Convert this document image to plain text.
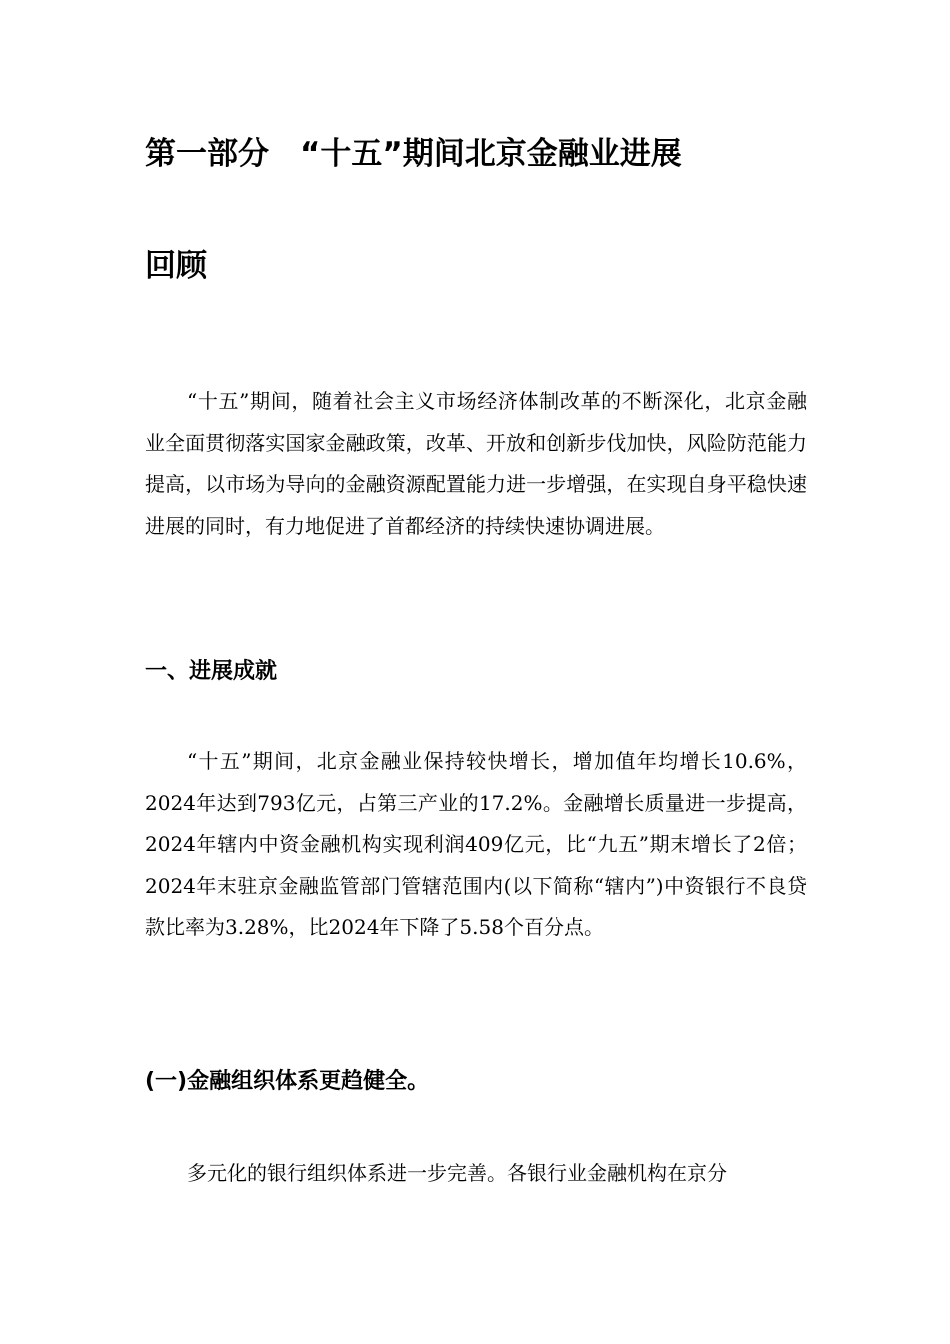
第一部分　“十五”期间北京金融业进展
回顾

“十五”期间，随着社会主义市场经济体制改革的不断深化，北京金融业全面贯彻落实国家金融政策，改革、开放和创新步伐加快，风险防范能力提高，以市场为导向的金融资源配置能力进一步增强，在实现自身平稳快速进展的同时，有力地促进了首都经济的持续快速协调进展。

一、进展成就

“十五”期间，北京金融业保持较快增长，增加值年均增长10.6%，2024年达到793亿元，占第三产业的17.2%。金融增长质量进一步提高，2024年辖内中资金融机构实现利润409亿元，比“九五”期末增长了2倍；2024年末驻京金融监管部门管辖范围内(以下简称“辖内”)中资银行不良贷款比率为3.28%，比2024年下降了5.58个百分点。

(一)金融组织体系更趋健全。

多元化的银行组织体系进一步完善。各银行业金融机构在京分
